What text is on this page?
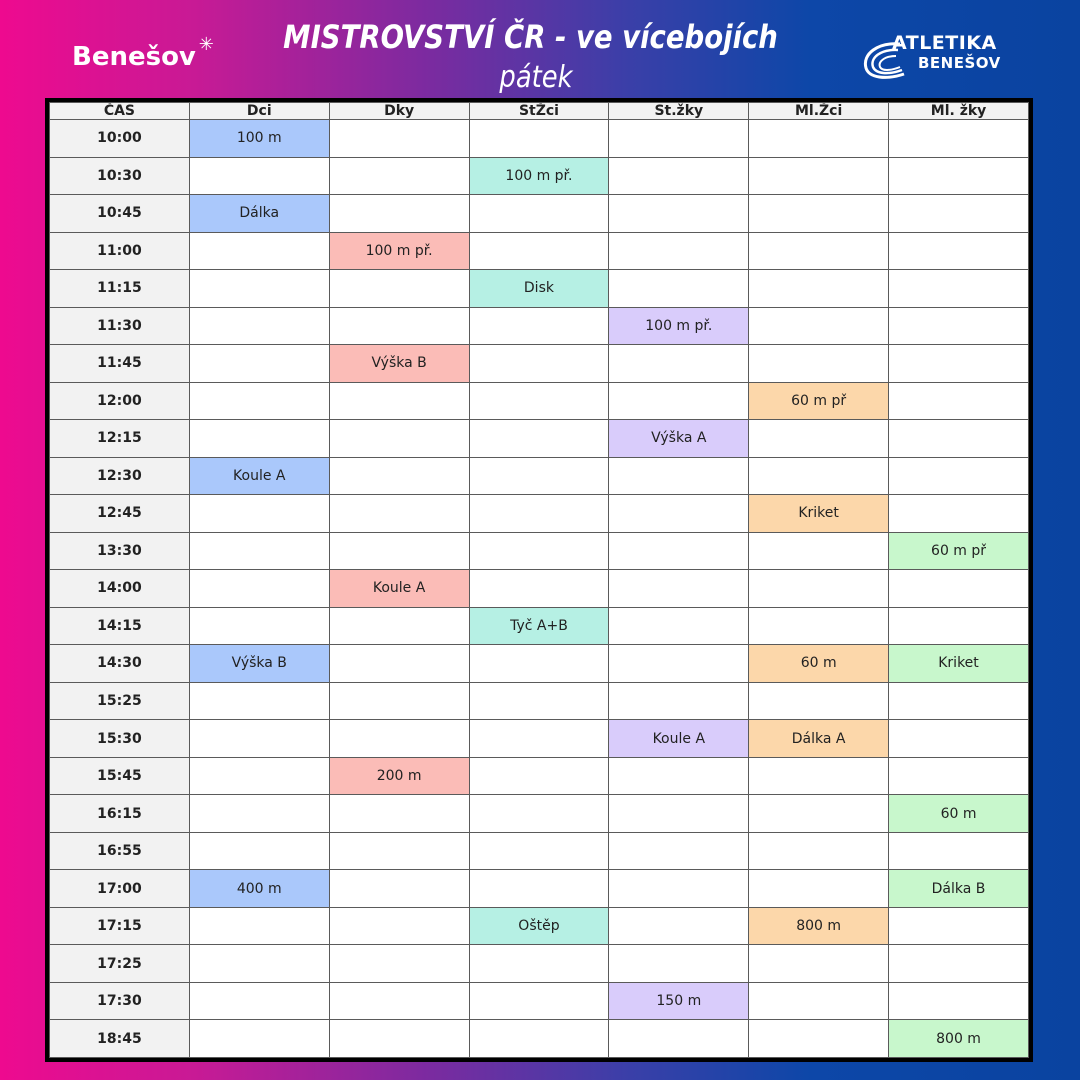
Benešov ✳	MISTROVSTVÍ ČR - ve vícebojích
pátek
ATLETIKA
BENEŠOV
ČAS	Dci	Dky	StŽci	St.žky	Ml.Žci	Ml. žky
10:00	100 m					
10:30			100 m př.			
10:45	Dálka					
11:00		100 m př.				
11:15			Disk			
11:30				100 m př.		
11:45		Výška B				
12:00					60 m př	
12:15				Výška A		
12:30	Koule A					
12:45					Kriket	
13:30						60 m př
14:00		Koule A				
14:15			Tyč A+B			
14:30	Výška B				60 m	Kriket
15:25						
15:30				Koule A	Dálka A	
15:45		200 m				
16:15						60 m
16:55						
17:00	400 m					Dálka B
17:15			Oštěp		800 m	
17:25						
17:30				150 m		
18:45						800 m
